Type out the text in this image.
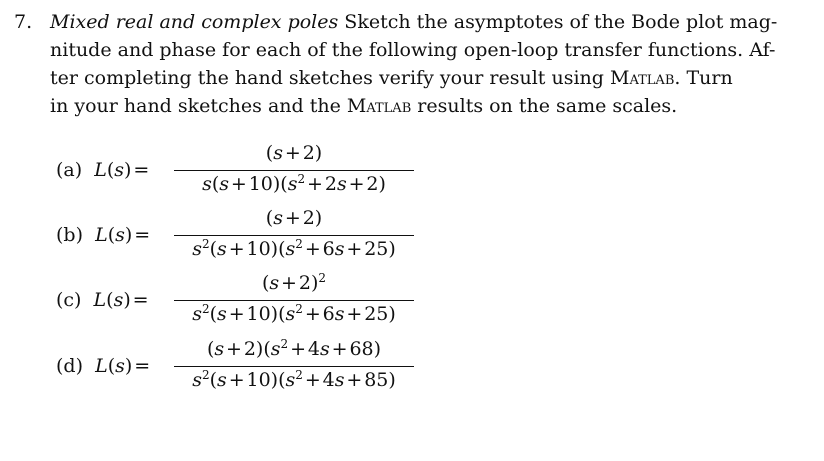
7. Mixed real and complex poles Sketch the asymptotes of the Bode plot mag-
nitude and phase for each of the following open-loop transfer functions. Af-
ter completing the hand sketches verify your result using Matlab. Turn
in your hand sketches and the Matlab results on the same scales.
(a)  L(s) =
(s + 2)
s(s + $10)(s^2$ + 2s + 2)
(b)  L(s) =
(s + 2)
$s^2(s$ + $10)(s^2$ + 6s + 25)
(c)  L(s) =
(s + 2)$^2$
$s^2(s$ + $10)(s^2$ + 6s + 25)
(d)  L(s) =
(s + $2)(s^2$ + 4s + 68)
$s^2(s$ + $10)(s^2$ + 4s + 85)
